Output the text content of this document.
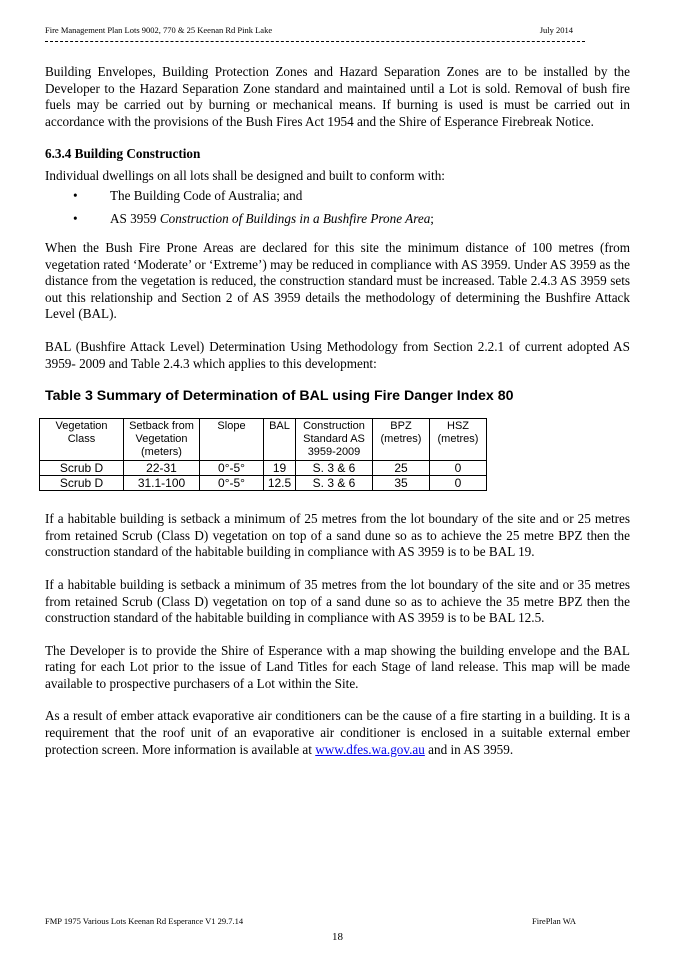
Fire Management Plan Lots 9002, 770 & 25 Keenan Rd Pink Lake	July 2014

Building Envelopes, Building Protection Zones and Hazard Separation Zones are to be installed by the Developer to the Hazard Separation Zone standard and maintained until a Lot is sold. Removal of bush fire fuels may be carried out by burning or mechanical means. If burning is used is must be carried out in accordance with the provisions of the Bush Fires Act 1954 and the Shire of Esperance Firebreak Notice.

6.3.4 Building Construction

Individual dwellings on all lots shall be designed and built to conform with:

• The Building Code of Australia; and
• AS 3959 Construction of Buildings in a Bushfire Prone Area;

When the Bush Fire Prone Areas are declared for this site the minimum distance of 100 metres (from vegetation rated ‘Moderate’ or ‘Extreme’) may be reduced in compliance with AS 3959. Under AS 3959 as the distance from the vegetation is reduced, the construction standard must be increased. Table 2.4.3 AS 3959 sets out this relationship and Section 2 of AS 3959 details the methodology of determining the Bushfire Attack Level (BAL).

BAL (Bushfire Attack Level) Determination Using Methodology from Section 2.2.1 of current adopted AS 3959- 2009 and Table 2.4.3 which applies to this development:

Table 3 Summary of Determination of BAL using Fire Danger Index 80
Vegetation Class	Setback from Vegetation (meters)	Slope	BAL	Construction Standard AS 3959-2009	BPZ (metres)	HSZ (metres)
Scrub D	22-31	0°-5°	19	S. 3 & 6	25	0
Scrub D	31.1-100	0°-5°	12.5	S. 3 & 6	35	0

If a habitable building is setback a minimum of 25 metres from the lot boundary of the site and or 25 metres from retained Scrub (Class D) vegetation on top of a sand dune so as to achieve the 25 metre BPZ then the construction standard of the habitable building in compliance with AS 3959 is to be BAL 19.

If a habitable building is setback a minimum of 35 metres from the lot boundary of the site and or 35 metres from retained Scrub (Class D) vegetation on top of a sand dune so as to achieve the 35 metre BPZ then the construction standard of the habitable building in compliance with AS 3959 is to be BAL 12.5.

The Developer is to provide the Shire of Esperance with a map showing the building envelope and the BAL rating for each Lot prior to the issue of Land Titles for each Stage of land release. This map will be made available to prospective purchasers of a Lot within the Site.

As a result of ember attack evaporative air conditioners can be the cause of a fire starting in a building. It is a requirement that the roof unit of an evaporative air conditioner is enclosed in a suitable external ember protection screen. More information is available at www.dfes.wa.gov.au and in AS 3959.

FMP 1975 Various Lots Keenan Rd Esperance V1 29.7.14	FirePlan WA
18
